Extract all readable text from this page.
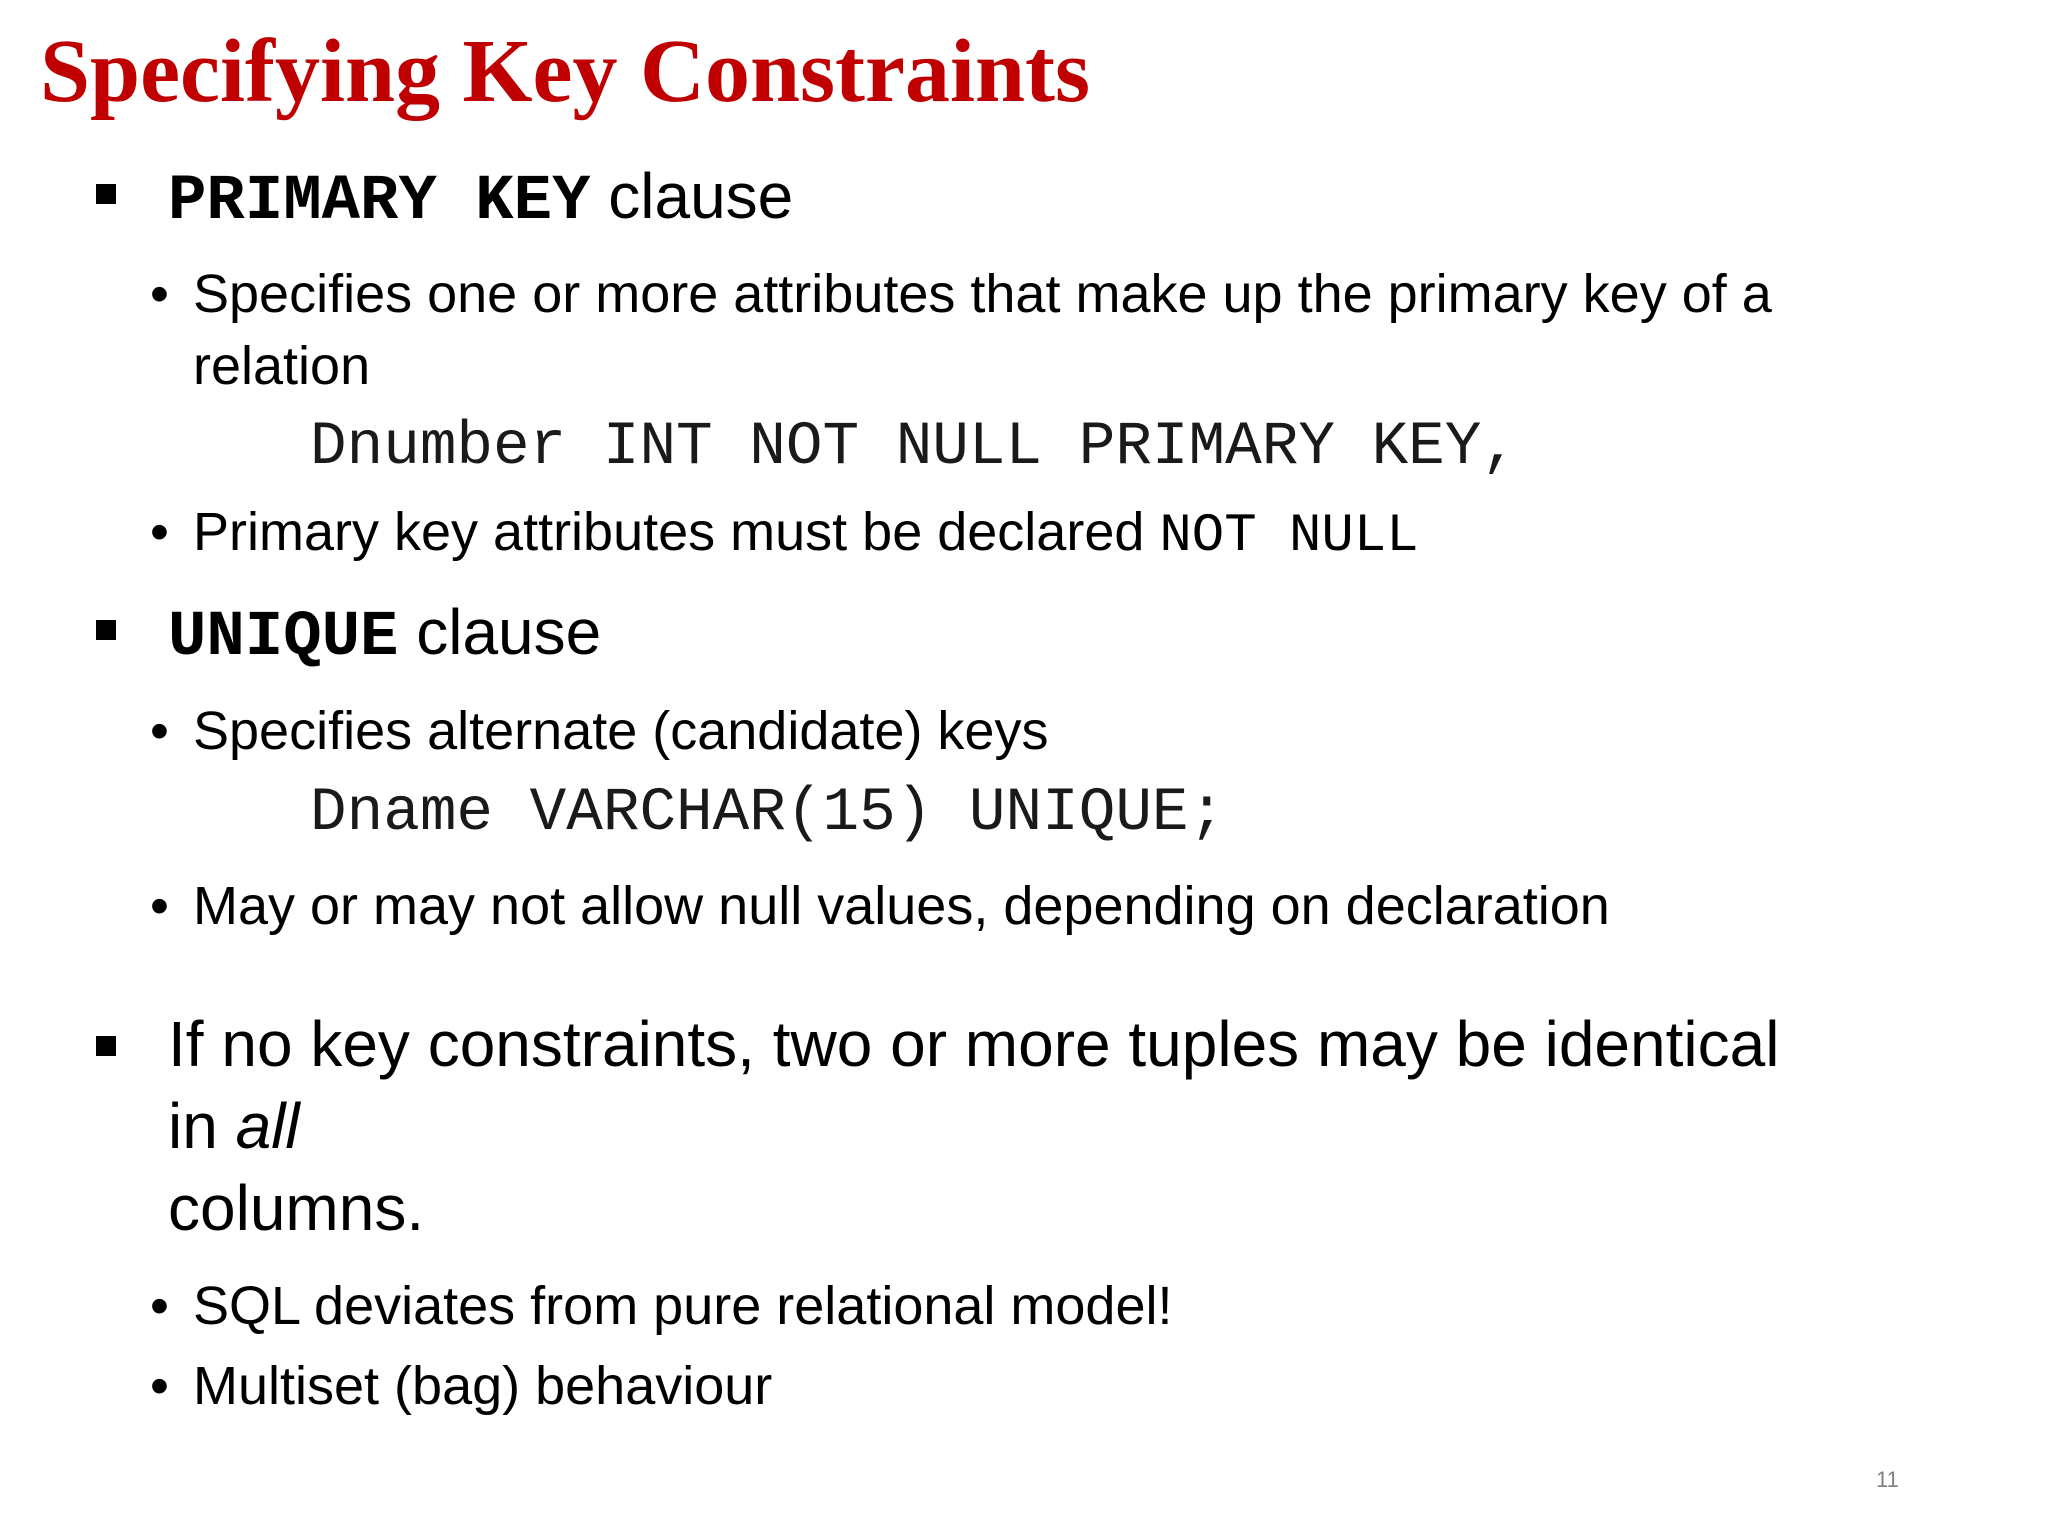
Specifying Key Constraints

PRIMARY KEY clause

• Specifies one or more attributes that make up the primary key of a

relation

Dnumber INT NOT NULL PRIMARY KEY,
• Primary key attributes must be declared NOT NULL

UNIQUE clause

• Specifies alternate (candidate) keys

Dname VARCHAR(15) UNIQUE;
• May or may not allow null values, depending on declaration

If no key constraints, two or more tuples may be identical

in all

columns.

• SQL deviates from pure relational model!

• Multiset (bag) behaviour

11
